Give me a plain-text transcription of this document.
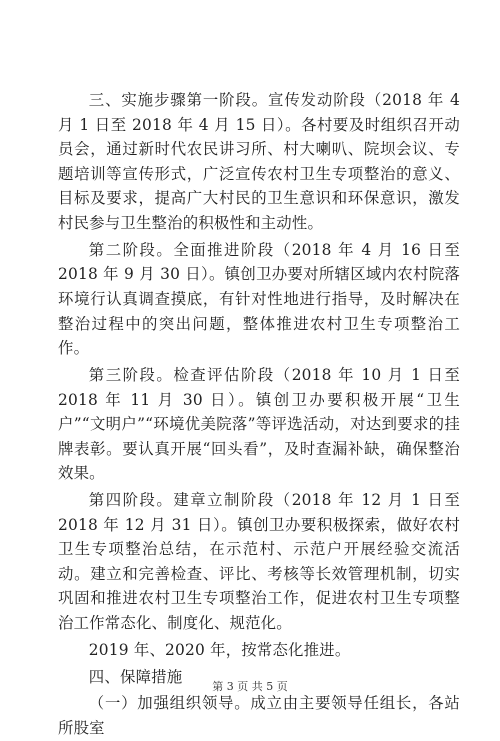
三、实施步骤第一阶段。宣传发动阶段（2018 年 4 月 1 日至 2018 年 4 月 15 日）。各村要及时组织召开动员会，通过新时代农民讲习所、村大喇叭、院坝会议、专题培训等宣传形式，广泛宣传农村卫生专项整治的意义、目标及要求，提高广大村民的卫生意识和环保意识，激发村民参与卫生整治的积极性和主动性。

第二阶段。全面推进阶段（2018 年 4 月 16 日至 2018 年 9 月 30 日）。镇创卫办要对所辖区域内农村院落环境行认真调查摸底，有针对性地进行指导，及时解决在整治过程中的突出问题，整体推进农村卫生专项整治工作。

第三阶段。检查评估阶段（2018 年 10 月 1 日至 2018 年 11 月 30 日）。镇创卫办要积极开展“卫生户”“文明户”“环境优美院落”等评选活动，对达到要求的挂牌表彰。要认真开展“回头看”，及时查漏补缺，确保整治效果。

第四阶段。建章立制阶段（2018 年 12 月 1 日至 2018 年 12 月 31 日）。镇创卫办要积极探索，做好农村卫生专项整治总结，在示范村、示范户开展经验交流活动。建立和完善检查、评比、考核等长效管理机制，切实巩固和推进农村卫生专项整治工作，促进农村卫生专项整治工作常态化、制度化、规范化。

2019 年、2020 年，按常态化推进。

四、保障措施

（一）加强组织领导。成立由主要领导任组长，各站所股室

第 3 页 共 5 页
